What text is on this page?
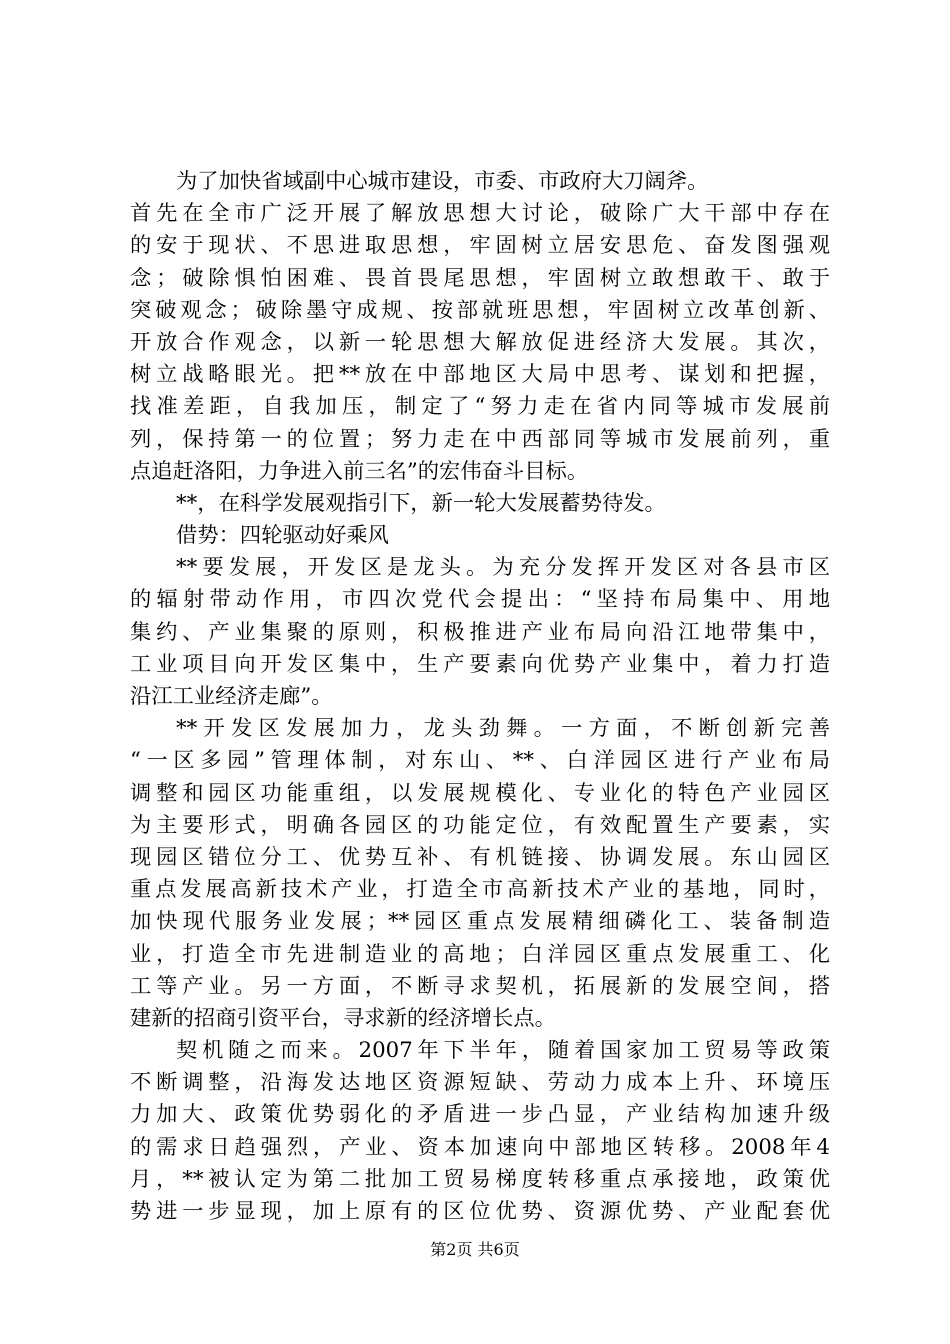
为了加快省域副中心城市建设，市委、市政府大刀阔斧。
首先在全市广泛开展了解放思想大讨论，破除广大干部中存在
的安于现状、不思进取思想，牢固树立居安思危、奋发图强观
念；破除惧怕困难、畏首畏尾思想，牢固树立敢想敢干、敢于
突破观念；破除墨守成规、按部就班思想，牢固树立改革创新、
开放合作观念，以新一轮思想大解放促进经济大发展。其次，
树立战略眼光。把**放在中部地区大局中思考、谋划和把握，
找准差距，自我加压，制定了“努力走在省内同等城市发展前
列，保持第一的位置；努力走在中西部同等城市发展前列，重
点追赶洛阳，力争进入前三名”的宏伟奋斗目标。
**，在科学发展观指引下，新一轮大发展蓄势待发。
借势：四轮驱动好乘风
**要发展，开发区是龙头。为充分发挥开发区对各县市区
的辐射带动作用，市四次党代会提出：“坚持布局集中、用地
集约、产业集聚的原则，积极推进产业布局向沿江地带集中，
工业项目向开发区集中，生产要素向优势产业集中，着力打造
沿江工业经济走廊”。
**开发区发展加力，龙头劲舞。一方面，不断创新完善
“一区多园”管理体制，对东山、**、白洋园区进行产业布局
调整和园区功能重组，以发展规模化、专业化的特色产业园区
为主要形式，明确各园区的功能定位，有效配置生产要素，实
现园区错位分工、优势互补、有机链接、协调发展。东山园区
重点发展高新技术产业，打造全市高新技术产业的基地，同时，
加快现代服务业发展；**园区重点发展精细磷化工、装备制造
业，打造全市先进制造业的高地；白洋园区重点发展重工、化
工等产业。另一方面，不断寻求契机，拓展新的发展空间，搭
建新的招商引资平台，寻求新的经济增长点。
契机随之而来。2007年下半年，随着国家加工贸易等政策
不断调整，沿海发达地区资源短缺、劳动力成本上升、环境压
力加大、政策优势弱化的矛盾进一步凸显，产业结构加速升级
的需求日趋强烈，产业、资本加速向中部地区转移。2008年4
月，**被认定为第二批加工贸易梯度转移重点承接地，政策优
势进一步显现，加上原有的区位优势、资源优势、产业配套优
第2页 共6页
